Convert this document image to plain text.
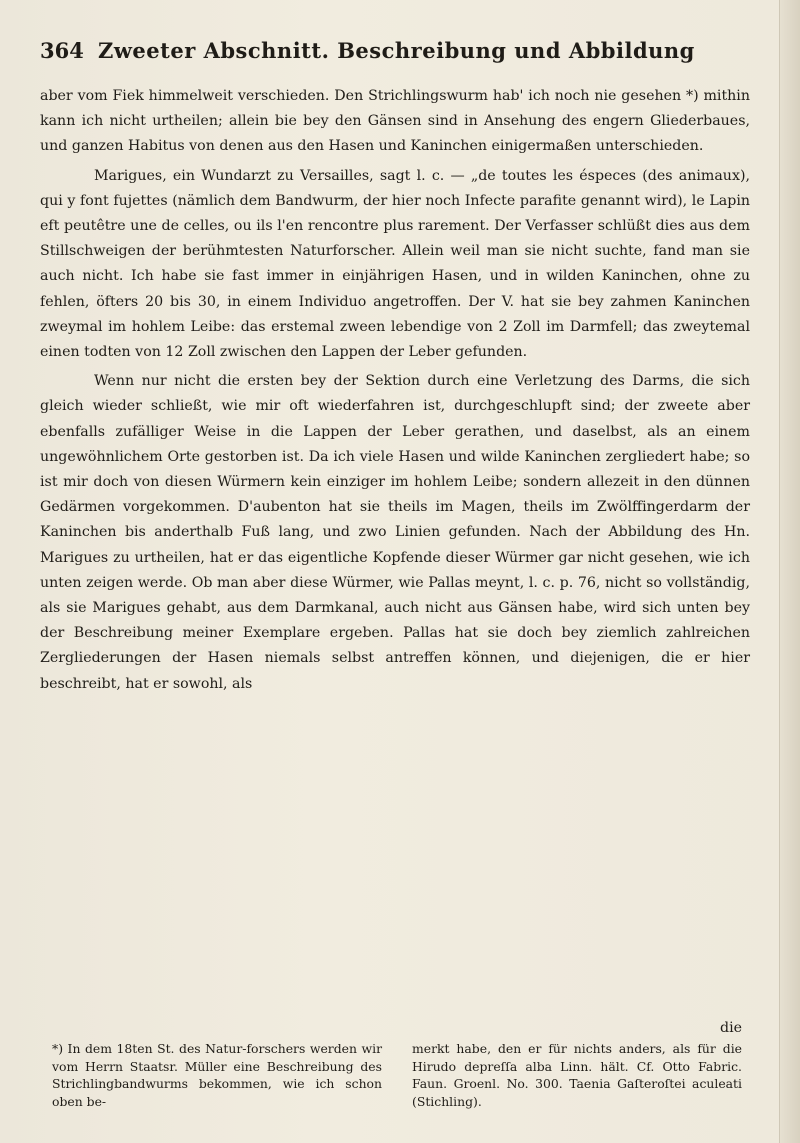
364 Zweeter Abschnitt. Beschreibung und Abbildung

aber vom Fiek himmelweit verschieden. Den Strichlingswurm hab' ich noch nie gesehen *) mithin kann ich nicht urtheilen; allein bie bey den Gänsen sind in Ansehung des engern Gliederbaues, und ganzen Habitus von denen aus den Hasen und Kaninchen einigermaßen unterschieden.

Marigues, ein Wundarzt zu Versailles, sagt l. c. — „de toutes les éspeces (des animaux), qui y font fujettes (nämlich dem Bandwurm, der hier noch Infecte parafite genannt wird), le Lapin eft peutêtre une de celles, ou ils l'en rencontre plus rarement. Der Verfasser schlüßt dies aus dem Stillschweigen der berühmtesten Naturforscher. Allein weil man sie nicht suchte, fand man sie auch nicht. Ich habe sie fast immer in einjährigen Hasen, und in wilden Kaninchen, ohne zu fehlen, öfters 20 bis 30, in einem Individuo angetroffen. Der V. hat sie bey zahmen Kaninchen zweymal im hohlem Leibe: das erstemal zween lebendige von 2 Zoll im Darmfell; das zweytemal einen todten von 12 Zoll zwischen den Lappen der Leber gefunden.

Wenn nur nicht die ersten bey der Sektion durch eine Verletzung des Darms, die sich gleich wieder schließt, wie mir oft wiederfahren ist, durchgeschlupft sind; der zweete aber ebenfalls zufälliger Weise in die Lappen der Leber gerathen, und daselbst, als an einem ungewöhnlichem Orte gestorben ist. Da ich viele Hasen und wilde Kaninchen zergliedert habe; so ist mir doch von diesen Würmern kein einziger im hohlem Leibe; sondern allezeit in den dünnen Gedärmen vorgekommen. D'aubenton hat sie theils im Magen, theils im Zwölffingerdarm der Kaninchen bis anderthalb Fuß lang, und zwo Linien gefunden. Nach der Abbildung des Hn. Marigues zu urtheilen, hat er das eigentliche Kopfende dieser Würmer gar nicht gesehen, wie ich unten zeigen werde. Ob man aber diese Würmer, wie Pallas meynt, l. c. p. 76, nicht so vollständig, als sie Marigues gehabt, aus dem Darmkanal, auch nicht aus Gänsen habe, wird sich unten bey der Beschreibung meiner Exemplare ergeben. Pallas hat sie doch bey ziemlich zahlreichen Zergliederungen der Hasen niemals selbst antreffen können, und diejenigen, die er hier beschreibt, hat er sowohl, als

die
*) In dem 18ten St. des Natur-forschers werden wir vom Herrn Staatsr. Müller eine Beschreibung des Strichlingbandwurms bekommen, wie ich schon oben be-
merkt habe, den er für nichts anders, als für die Hirudo depreſſa alba Linn. hält. Cf. Otto Fabric. Faun. Groenl. No. 300. Taenia Gaſteroſtei aculeati (Stichling).
